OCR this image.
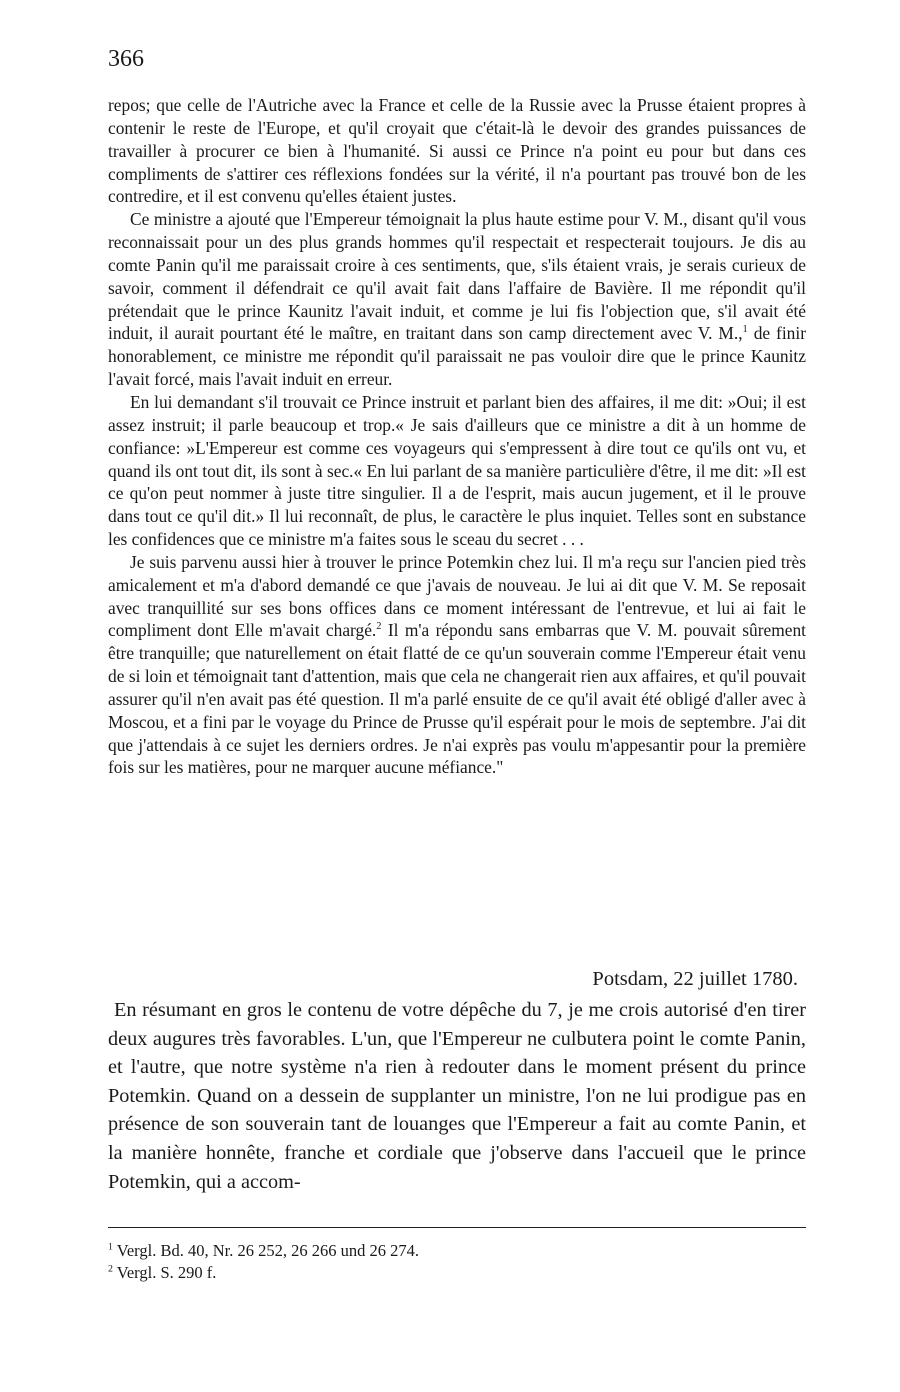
366

repos; que celle de l'Autriche avec la France et celle de la Russie avec la Prusse étaient propres à contenir le reste de l'Europe, et qu'il croyait que c'était-là le devoir des grandes puissances de travailler à procurer ce bien à l'humanité. Si aussi ce Prince n'a point eu pour but dans ces compliments de s'attirer ces réflexions fondées sur la vérité, il n'a pourtant pas trouvé bon de les contredire, et il est convenu qu'elles étaient justes.

Ce ministre a ajouté que l'Empereur témoignait la plus haute estime pour V. M., disant qu'il vous reconnaissait pour un des plus grands hommes qu'il respectait et respecterait toujours. Je dis au comte Panin qu'il me paraissait croire à ces sentiments, que, s'ils étaient vrais, je serais curieux de savoir, comment il défendrait ce qu'il avait fait dans l'affaire de Bavière. Il me répondit qu'il prétendait que le prince Kaunitz l'avait induit, et comme je lui fis l'objection que, s'il avait été induit, il aurait pourtant été le maître, en traitant dans son camp directement avec V. M.,$^1$ de finir honorablement, ce ministre me répondit qu'il paraissait ne pas vouloir dire que le prince Kaunitz l'avait forcé, mais l'avait induit en erreur.

En lui demandant s'il trouvait ce Prince instruit et parlant bien des affaires, il me dit: »Oui; il est assez instruit; il parle beaucoup et trop.« Je sais d'ailleurs que ce ministre a dit à un homme de confiance: »L'Empereur est comme ces voyageurs qui s'empressent à dire tout ce qu'ils ont vu, et quand ils ont tout dit, ils sont à sec.« En lui parlant de sa manière particulière d'être, il me dit: »Il est ce qu'on peut nommer à juste titre singulier. Il a de l'esprit, mais aucun jugement, et il le prouve dans tout ce qu'il dit.» Il lui reconnaît, de plus, le caractère le plus inquiet. Telles sont en substance les confidences que ce ministre m'a faites sous le sceau du secret . . .

Je suis parvenu aussi hier à trouver le prince Potemkin chez lui. Il m'a reçu sur l'ancien pied très amicalement et m'a d'abord demandé ce que j'avais de nouveau. Je lui ai dit que V. M. Se reposait avec tranquillité sur ses bons offices dans ce moment intéressant de l'entrevue, et lui ai fait le compliment dont Elle m'avait chargé.$^2$ Il m'a répondu sans embarras que V. M. pouvait sûrement être tranquille; que naturellement on était flatté de ce qu'un souverain comme l'Empereur était venu de si loin et témoignait tant d'attention, mais que cela ne changerait rien aux affaires, et qu'il pouvait assurer qu'il n'en avait pas été question. Il m'a parlé ensuite de ce qu'il avait été obligé d'aller avec à Moscou, et a fini par le voyage du Prince de Prusse qu'il espérait pour le mois de septembre. J'ai dit que j'attendais à ce sujet les derniers ordres. Je n'ai exprès pas voulu m'appesantir pour la première fois sur les matières, pour ne marquer aucune méfiance."

Potsdam, 22 juillet 1780.

En résumant en gros le contenu de votre dépêche du 7, je me crois autorisé d'en tirer deux augures très favorables. L'un, que l'Empereur ne culbutera point le comte Panin, et l'autre, que notre système n'a rien à redouter dans le moment présent du prince Potemkin. Quand on a dessein de supplanter un ministre, l'on ne lui prodigue pas en présence de son souverain tant de louanges que l'Empereur a fait au comte Panin, et la manière honnête, franche et cordiale que j'observe dans l'accueil que le prince Potemkin, qui a accom-

$^1$ Vergl. Bd. 40, Nr. 26 252, 26 266 und 26 274.

$^2$ Vergl. S. 290 f.
